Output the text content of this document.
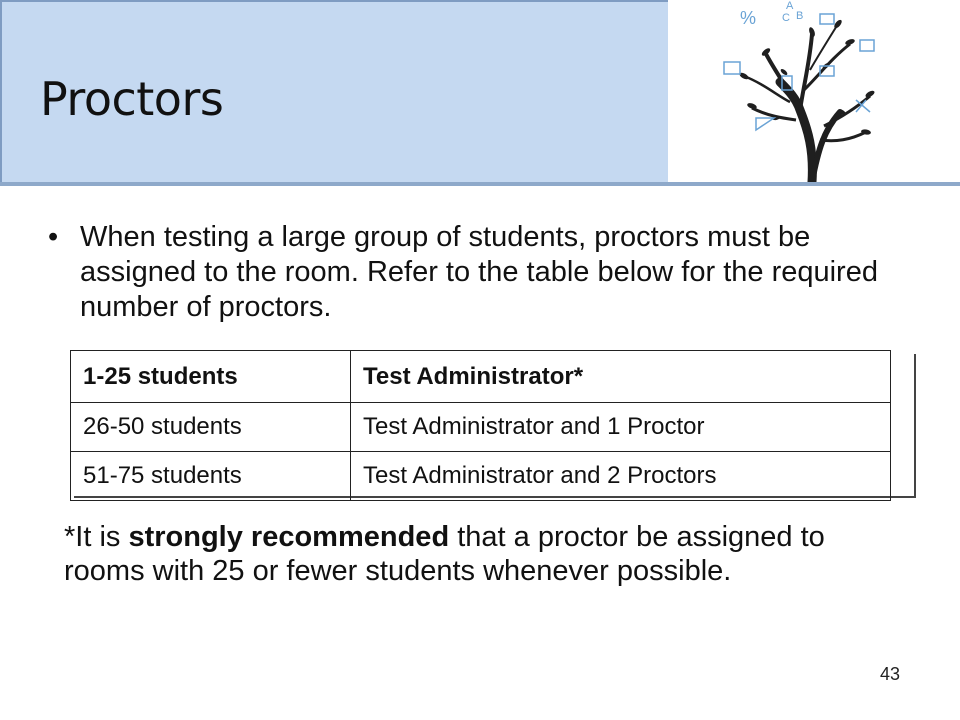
Proctors
%
A
B
C
• When testing a large group of students, proctors must be assigned to the room. Refer to the table below for the required number of proctors.
1-25 students	Test Administrator*
26-50 students	Test Administrator and 1 Proctor
51-75 students	Test Administrator and 2 Proctors
*It is strongly recommended that a proctor be assigned to rooms with 25 or fewer students whenever possible.
43
